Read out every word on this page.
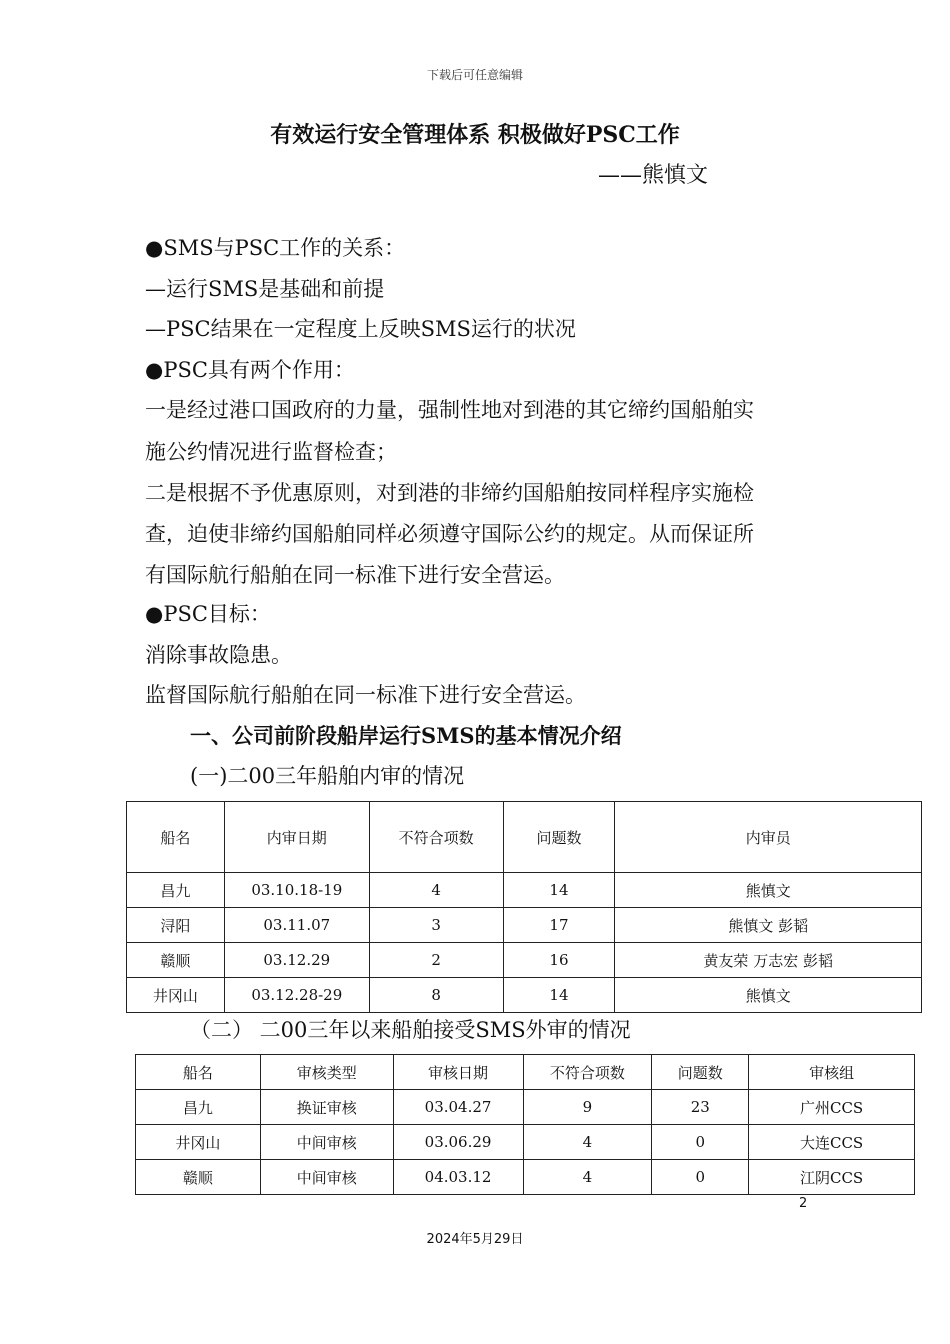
下载后可任意编辑
有效运行安全管理体系 积极做好PSC工作
——熊慎文
●SMS与PSC工作的关系：
—运行SMS是基础和前提
—PSC结果在一定程度上反映SMS运行的状况
●PSC具有两个作用：
一是经过港口国政府的力量，强制性地对到港的其它缔约国船舶实
施公约情况进行监督检查；
二是根据不予优惠原则，对到港的非缔约国船舶按同样程序实施检
查，迫使非缔约国船舶同样必须遵守国际公约的规定。从而保证所
有国际航行船舶在同一标准下进行安全营运。
●PSC目标：
消除事故隐患。
监督国际航行船舶在同一标准下进行安全营运。
一、公司前阶段船岸运行SMS的基本情况介绍
(一)二00三年船舶内审的情况
船名	内审日期	不符合项数	问题数	内审员
昌九	03.10.18-19	4	14	熊慎文
浔阳	03.11.07	3	17	熊慎文 彭韬
赣顺	03.12.29	2	16	黄友荣 万志宏 彭韬
井冈山	03.12.28-29	8	14	熊慎文
（二） 二00三年以来船舶接受SMS外审的情况
船名	审核类型	审核日期	不符合项数	问题数	审核组
昌九	换证审核	03.04.27	9	23	广州CCS
井冈山	中间审核	03.06.29	4	0	大连CCS
赣顺	中间审核	04.03.12	4	0	江阴CCS
2
2024年5月29日
